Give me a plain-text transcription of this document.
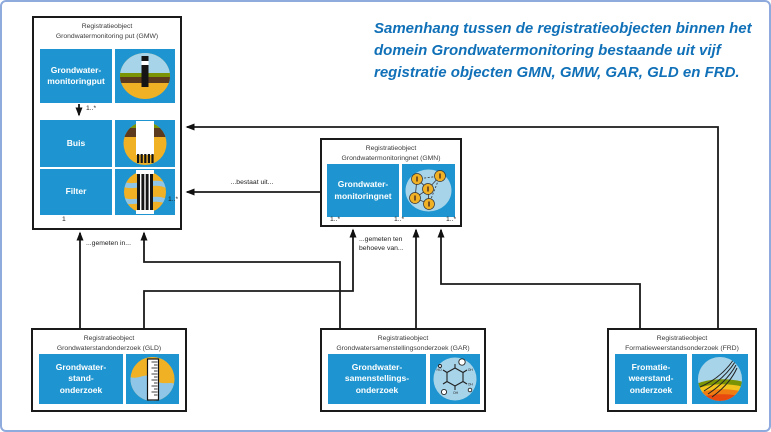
Samenhang tussen de registratieobjecten binnen het domein Grondwatermonitoring bestaande uit vijf registratie objecten GMN, GMW, GAR, GLD en FRD.
Registratieobject
Grondwatermonitoring put (GMW)
Grondwater-
monitoringput
Buis
Filter
Registratieobject
Grondwatermonitoringnet (GMN)
Grondwater-
monitoringnet
Registratieobject
Grondwaterstandonderzoek (GLD)
Grondwater-
stand-
onderzoek
Registratieobject
Grondwatersamenstellingsonderzoek (GAR)
Grondwater-
samenstellings-
onderzoek
OH
OH
HO
OH
Registratieobject
Formatieweerstandsonderzoek (FRD)
Fromatie-
weerstand-
onderzoek
1..*
...bestaat uit...
1..*
1
...gemeten in...
1..*	1..*	1..*
...gemeten ten
behoeve van...
